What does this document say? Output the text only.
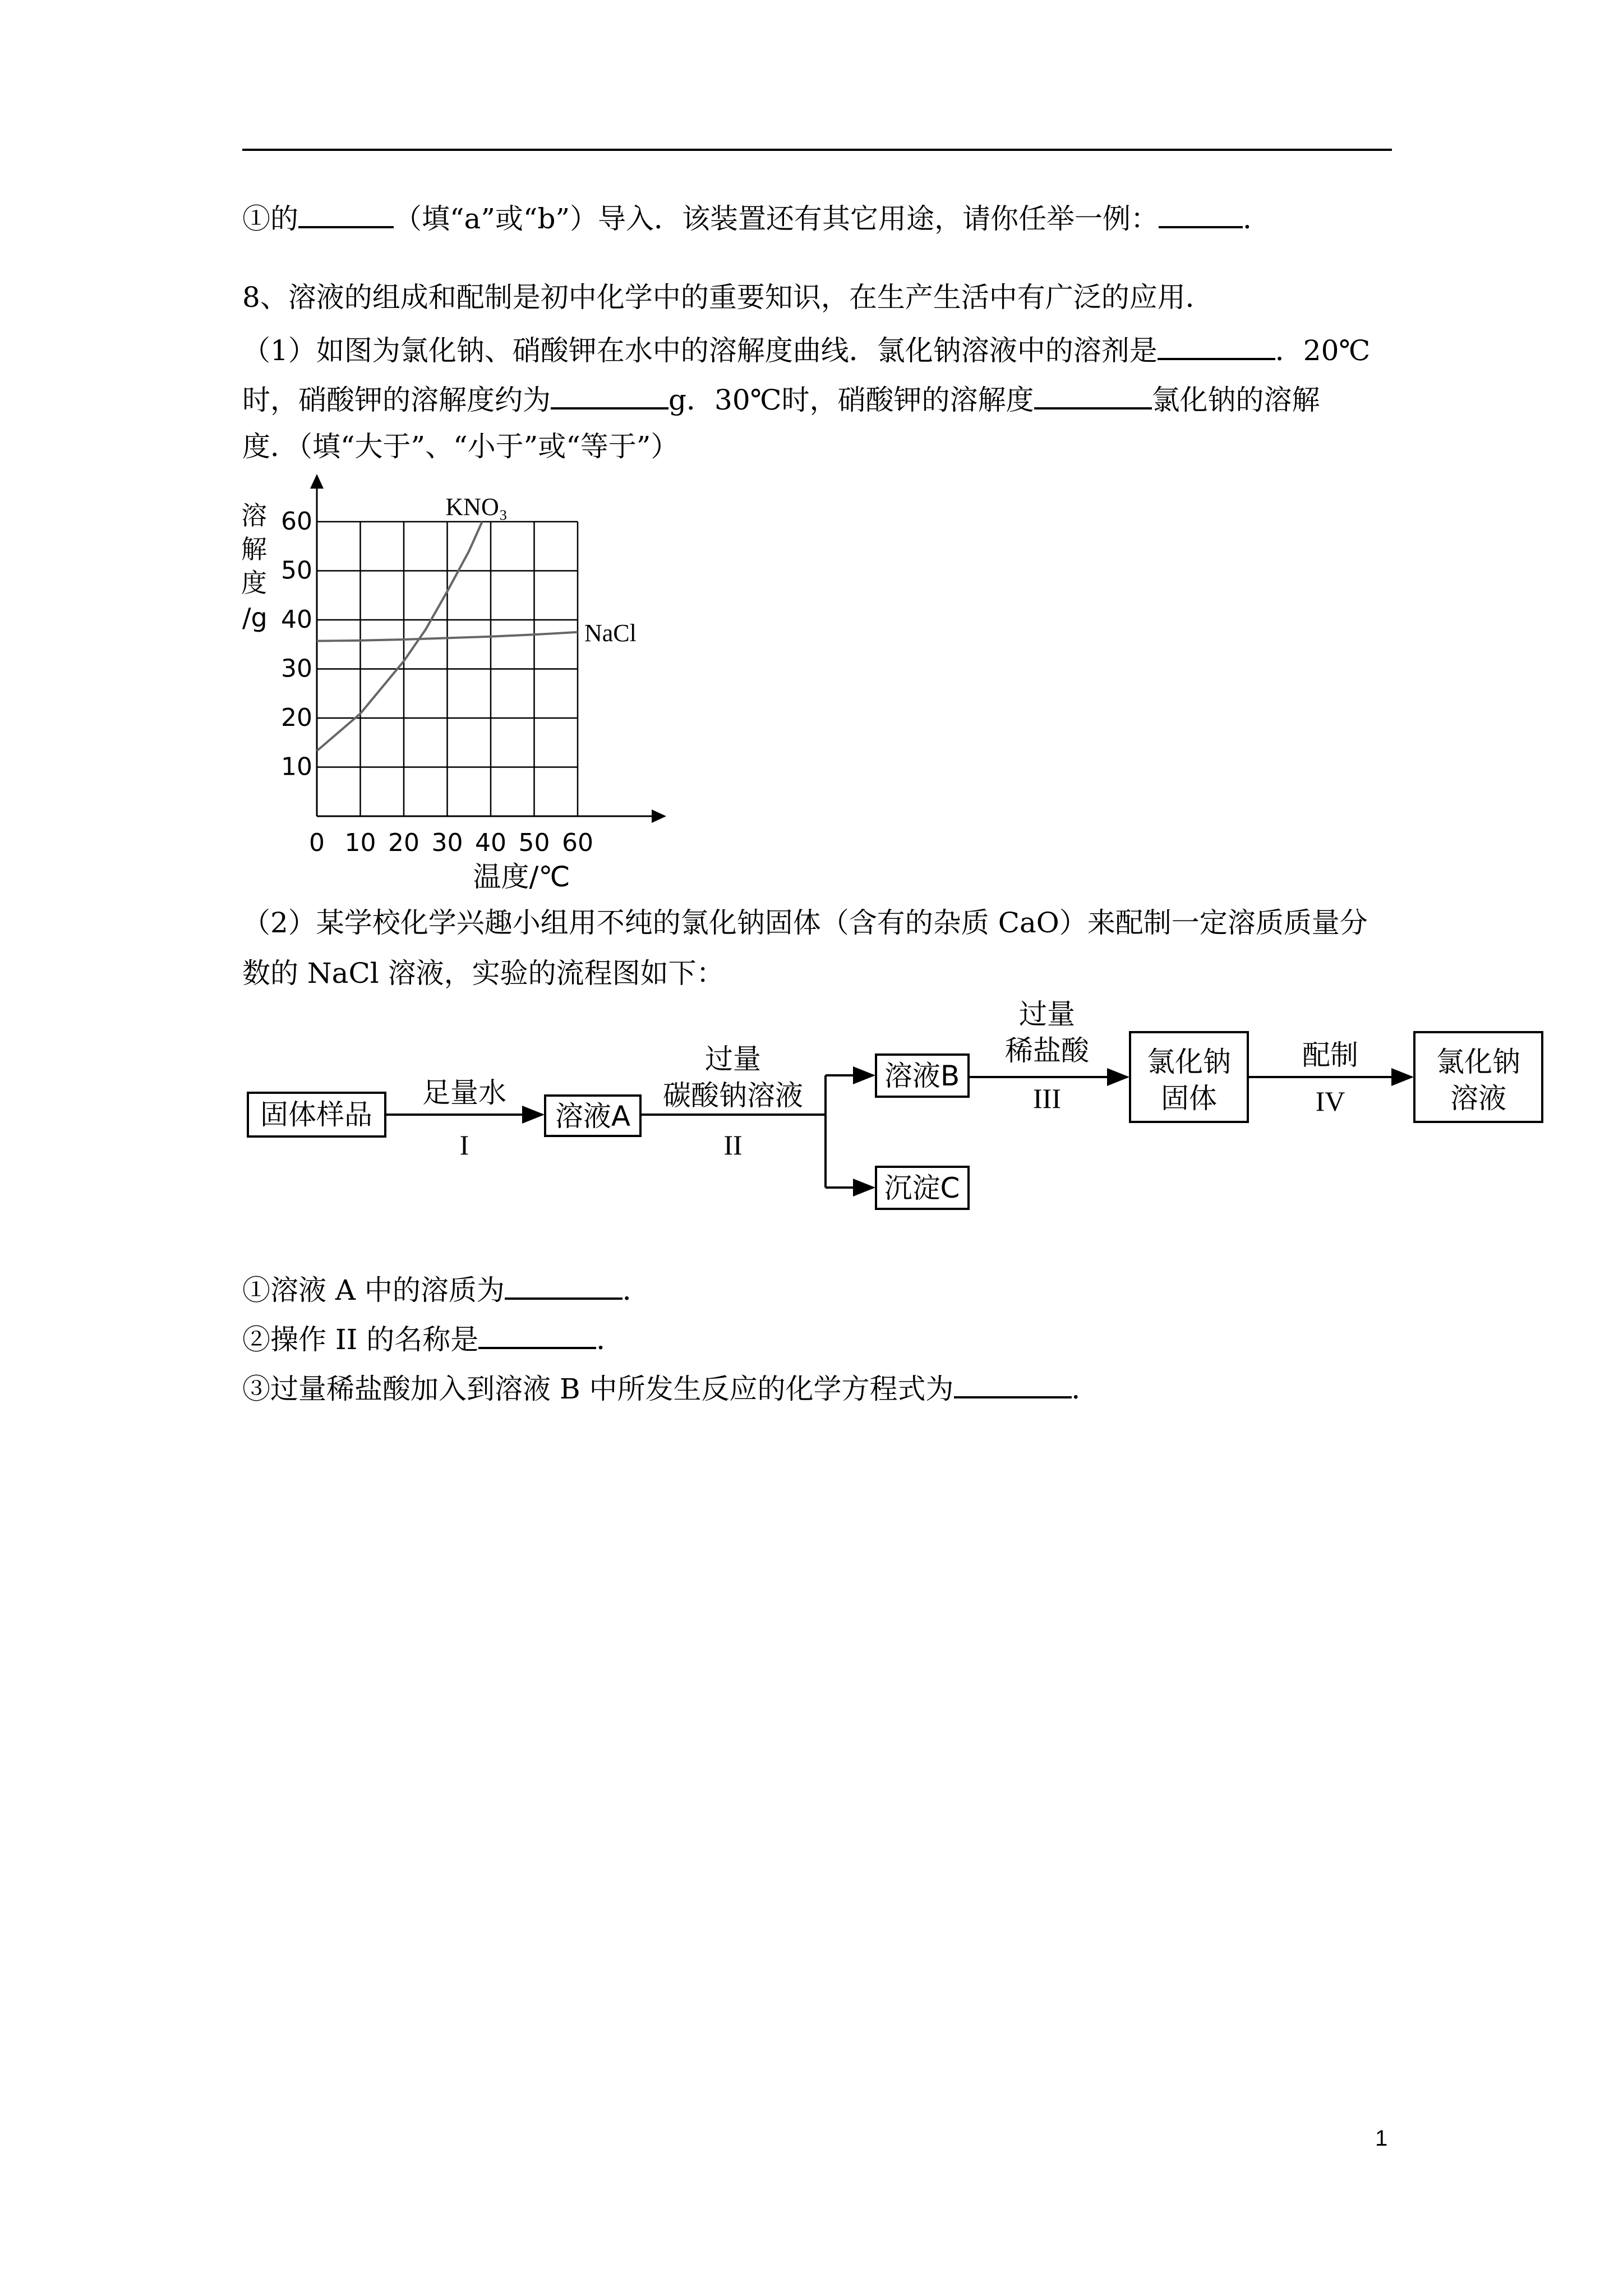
①的	（填“a”或“b”）导入．该装置还有其它用途，请你任举一例：	．
8、溶液的组成和配制是初中化学中的重要知识，在生产生活中有广泛的应用．
（1）如图为氯化钠、硝酸钾在水中的溶解度曲线．氯化钠溶液中的溶剂是	．20℃
时，硝酸钾的溶解度约为	g．30℃时，硝酸钾的溶解度	氯化钠的溶解
度．（填“大于”、“小于”或“等于”）
KNO₃
NaCl
0 10 20 30 40 50 60
10
20
30
40
50
60
溶
解
度
/g
温度/℃
（2）某学校化学兴趣小组用不纯的氯化钠固体（含有的杂质 CaO）来配制一定溶质质量分
数的 NaCl 溶液，实验的流程图如下：
固体样品
足量水
I
溶液A
过量
碳酸钠溶液
II
溶液B
沉淀C
过量
稀盐酸
III
氯化钠
固体
配制
IV
氯化钠
溶液
①溶液 A 中的溶质为	．
②操作 II 的名称是	．
③过量稀盐酸加入到溶液 B 中所发生反应的化学方程式为	．
1
